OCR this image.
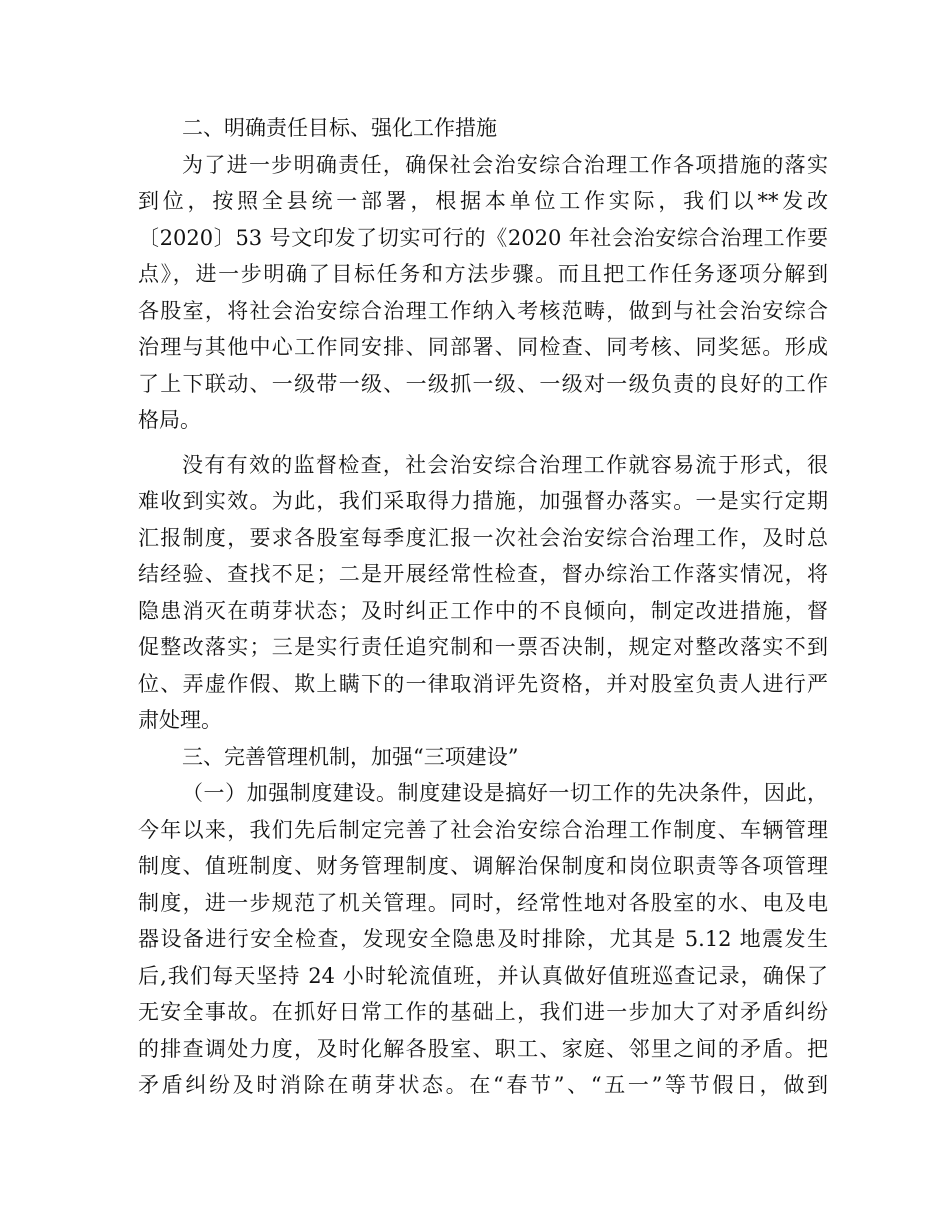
二、明确责任目标、强化工作措施
为了进一步明确责任，确保社会治安综合治理工作各项措施的落实
到位，按照全县统一部署，根据本单位工作实际，我们以**发改
〔2020〕53 号文印发了切实可行的《2020 年社会治安综合治理工作要
点》，进一步明确了目标任务和方法步骤。而且把工作任务逐项分解到
各股室，将社会治安综合治理工作纳入考核范畴，做到与社会治安综合
治理与其他中心工作同安排、同部署、同检查、同考核、同奖惩。形成
了上下联动、一级带一级、一级抓一级、一级对一级负责的良好的工作
格局。
没有有效的监督检查，社会治安综合治理工作就容易流于形式，很
难收到实效。为此，我们采取得力措施，加强督办落实。一是实行定期
汇报制度，要求各股室每季度汇报一次社会治安综合治理工作，及时总
结经验、查找不足；二是开展经常性检查，督办综治工作落实情况，将
隐患消灭在萌芽状态；及时纠正工作中的不良倾向，制定改进措施，督
促整改落实；三是实行责任追究制和一票否决制，规定对整改落实不到
位、弄虚作假、欺上瞒下的一律取消评先资格，并对股室负责人进行严
肃处理。
三、完善管理机制，加强“三项建设”
（一）加强制度建设。制度建设是搞好一切工作的先决条件，因此，
今年以来，我们先后制定完善了社会治安综合治理工作制度、车辆管理
制度、值班制度、财务管理制度、调解治保制度和岗位职责等各项管理
制度，进一步规范了机关管理。同时，经常性地对各股室的水、电及电
器设备进行安全检查，发现安全隐患及时排除，尤其是 5.12 地震发生
后,我们每天坚持 24 小时轮流值班，并认真做好值班巡查记录，确保了
无安全事故。在抓好日常工作的基础上，我们进一步加大了对矛盾纠纷
的排查调处力度，及时化解各股室、职工、家庭、邻里之间的矛盾。把
矛盾纠纷及时消除在萌芽状态。在“春节”、“五一”等节假日，做到
